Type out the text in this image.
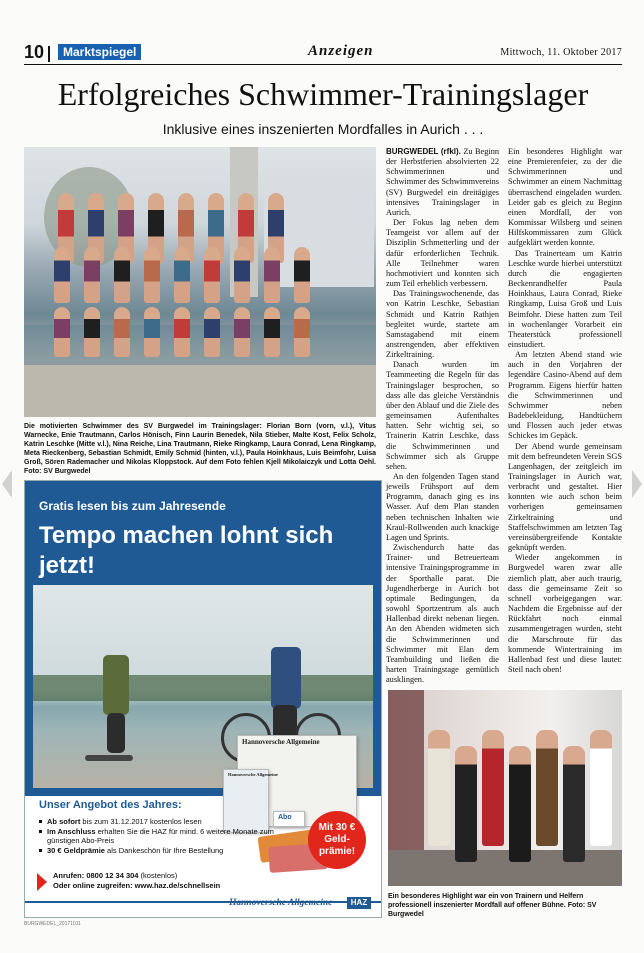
10	Marktspiegel	Anzeigen	Mittwoch, 11. Oktober 2017
Erfolgreiches Schwimmer-Trainingslager
Inklusive eines inszenierten Mordfalles in Aurich . . .
Die motivierten Schwimmer des SV Burgwedel im Trainingslager: Florian Born (vorn, v.l.), Vitus Warnecke, Enie Trautmann, Carlos Hönisch, Finn Laurin Benedek, Nila Stieber, Malte Kost, Felix Scholz, Katrin Leschke (Mitte v.l.), Nina Reiche, Lina Trautmann, Rieke Ringkamp, Laura Conrad, Lena Ringkamp, Meta Rieckenberg, Sebastian Schmidt, Emily Schmid (hinten, v.l.), Paula Hoinkhaus, Luis Beimfohr, Luisa Groß, Sören Rademacher und Nikolas Kloppstock. Auf dem Foto fehlen Kjell Mikolaiczyk und Lotta Oehl. Foto: SV Burgwedel

BURGWEDEL (rfkl). Zu Beginn der Herbstferien absolvierten 22 Schwimmerinnen und Schwimmer des Schwimmvereins (SV) Burgwedel ein dreitägiges intensives Trainingslager in Aurich.

Der Fokus lag neben dem Teamgeist vor allem auf der Disziplin Schmetterling und der dafür erforderlichen Technik. Alle Teilnehmer waren hochmotiviert und konnten sich zum Teil erheblich verbessern.

Das Trainingswochenende, das von Katrin Leschke, Sebastian Schmidt und Katrin Rathjen begleitet wurde, startete am Samstagabend mit einem anstrengenden, aber effektiven Zirkeltraining.

Danach wurden im Teammeeting die Regeln für das Trainingslager besprochen, so dass alle das gleiche Verständnis über den Ablauf und die Ziele des gemeinsamen Aufenthaltes hatten. Sehr wichtig sei, so Trainerin Katrin Leschke, dass die Schwimmerinnen und Schwimmer sich als Gruppe sehen.

An den folgenden Tagen stand jeweils Frühsport auf dem Programm, danach ging es ins Wasser. Auf dem Plan standen neben technischen Inhalten wie Kraul-Rollwenden auch knackige Lagen und Sprints.

Zwischendurch hatte das Trainer- und Betreuerteam intensive Trainingsprogramme in der Sporthalle parat. Die Jugendherberge in Aurich bot optimale Bedingungen, da sowohl Sportzentrum als auch Hallenbad direkt nebenan liegen. An den Abenden widmeten sich die Schwimmerinnen und Schwimmer mit Elan dem Teambuilding und ließen die harten Trainingstage gemütlich ausklingen.

Ein besonderes Highlight war eine Premierenfeier, zu der die Schwimmerinnen und Schwimmer an einem Nachmittag überraschend eingeladen wurden. Leider gab es gleich zu Beginn einen Mordfall, der von Kommissar Wilsberg und seinen Hilfskommissaren zum Glück aufgeklärt werden konnte.

Das Trainerteam um Katrin Leschke wurde hierbei unterstützt durch die engagierten Beckenrandhelfer Paula Hoinkhaus, Laura Conrad, Rieke Ringkamp, Luisa Groß und Luis Beimfohr. Diese hatten zum Teil in wochenlanger Vorarbeit ein Theaterstück professionell einstudiert.

Am letzten Abend stand wie auch in den Vorjahren der legendäre Casino-Abend auf dem Programm. Eigens hierfür hatten die Schwimmerinnen und Schwimmer neben Badebekleidung, Handtüchern und Flossen auch jeder etwas Schickes im Gepäck.

Der Abend wurde gemeinsam mit dem befreundeten Verein SGS Langenhagen, der zeitgleich im Trainingslager in Aurich war, verbracht und gestaltet. Hier konnten wie auch schon beim vorherigen gemeinsamen Zirkeltraining und Staffelschwimmen am letzten Tag vereinsübergreifende Kontakte geknüpft werden.

Wieder angekommen in Burgwedel waren zwar alle ziemlich platt, aber auch traurig, dass die gemeinsame Zeit so schnell vorbeigegangen war. Nachdem die Ergebnisse auf der Rückfahrt noch einmal zusammengetragen wurden, steht die Marschroute für das kommende Wintertraining im Hallenbad fest und diese lautet: Steil nach oben!

Ein besonderes Highlight war ein von Trainern und Helfern professionell inszenierter Mordfall auf offener Bühne. Foto: SV Burgwedel
Gratis lesen bis zum Jahresende
Tempo machen lohnt sich jetzt!
Hannoversche Allgemeine
Hannoversche Allgemeine
Abo
Mit 30 € Geld-prämie!
Unser Angebot des Jahres:
Ab sofort bis zum 31.12.2017 kostenlos lesen
Im Anschluss erhalten Sie die HAZ für mind. 6 weitere Monate zum günstigen Abo-Preis
30 € Geldprämie als Dankeschön für Ihre Bestellung
Anrufen: 0800 12 34 304 (kostenlos)
Oder online zugreifen: www.haz.de/schnellsein
Hannoversche Allgemeine	HAZ
BURGWEDEL_20171011
